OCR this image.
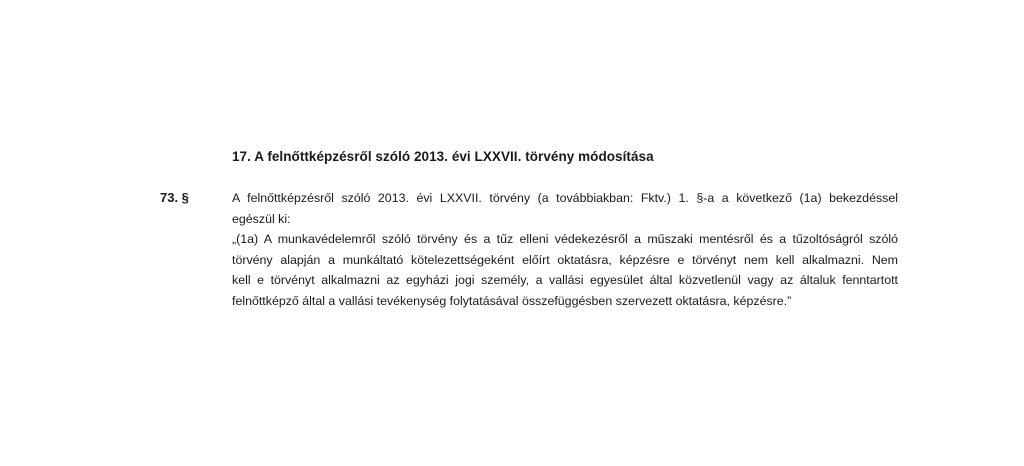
17. A felnőttképzésről szóló 2013. évi LXXVII. törvény módosítása
73. §	A felnőttképzésről szóló 2013. évi LXXVII. törvény (a továbbiakban: Fktv.) 1. §-a a következő (1a) bekezdéssel
egészül ki:
„(1a) A munkavédelemről szóló törvény és a tűz elleni védekezésről a műszaki mentésről és a tűzoltóságról szóló
törvény alapján a munkáltató kötelezettségeként előírt oktatásra, képzésre e törvényt nem kell alkalmazni. Nem
kell e törvényt alkalmazni az egyházi jogi személy, a vallási egyesület által közvetlenül vagy az általuk fenntartott
felnőttképző által a vallási tevékenység folytatásával összefüggésben szervezett oktatásra, képzésre.”
